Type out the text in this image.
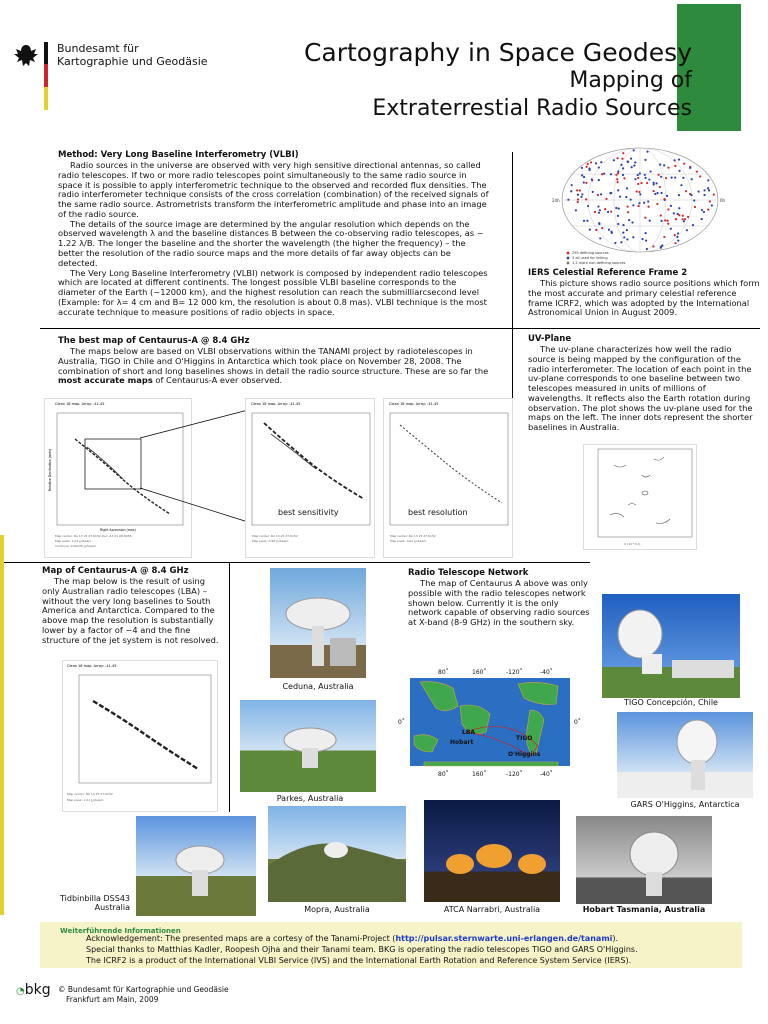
Bundesamt für
Kartographie und Geodäsie	Cartography in Space Geodesy
Mapping of
Extraterrestial Radio Sources
Method: Very Long Baseline Interferometry (VLBI)

Radio sources in the universe are observed with very high sensitive directional antennas, so called radio telescopes. If two or more radio telescopes point simultaneously to the same radio source in space it is possible to apply interferometric technique to the observed and recorded flux densities. The radio interferometer technique consists of the cross correlation (combination) of the received signals of the same radio source. Astrometrists transform the interferometric amplitude and phase into an image of the radio source.

The details of the source image are determined by the angular resolution which depends on the observed wavelength λ and the baseline distances B between the co-observing radio telescopes, as ~ 1.22 λ/B. The longer the baseline and the shorter the wavelength (the higher the frequency) – the better the resolution of the radio source maps and the more details of far away objects can be detected.

The Very Long Baseline Interferometry (VLBI) network is composed by independent radio telescopes which are located at different continents. The longest possible VLBI baseline corresponds to the diameter of the Earth (~12000 km), and the highest resolution can reach the submilliarcsecond level (Example: for λ= 4 cm and B= 12 000 km, the resolution is about 0.8 mas). VLBI technique is the most accurate technique to measure positions of radio objects in space.

24h	0h
295 defining sources
3 all used for linking
1,2 more non-defining sources
IERS Celestial Reference Frame 2

This picture shows radio source positions which form the most accurate and primary celestial reference frame ICRF2, which was adopted by the International Astronomical Union in August 2009.

The best map of Centaurus-A @ 8.4 GHz

The maps below are based on VLBI observations within the TANAMI project by radiotelescopes in Australia, TIGO in Chile and O'Higgins in Antarctica which took place on November 28, 2008. The combination of short and long baselines shows in detail the radio source structure. These are so far the most accurate maps of Centaurus-A ever observed.

Clean 18 map. Array: -41-45
Right Ascension (mas)
Relative Declination (mas)
Map center: RA 13 25 27.6152 Dec -43 01 08.8056
Map peak: 1.04 Jy/beam
Contours: 0.00226 Jy/beam
Clean 18 map. Array: -41-45
Map center: RA 13 25 27.6152
Map peak: 0.98 Jy/beam
Clean 18 map. Array: -41-45
Map center: RA 13 25 27.6152
Map peak: 0.61 Jy/beam
best sensitivity	best resolution
UV-Plane

The uv-plane characterizes how well the radio source is being mapped by the configuration of the radio interferometer. The location of each point in the uv-plane corresponds to one baseline between two telescopes measured in units of millions of wavelengths. It reflects also the Earth rotation during observation. The plot shows the uv-plane used for the maps on the left. The inner dots represent the shorter baselines in Australia.

U (10^6 λ)
Map of Centaurus-A @ 8.4 GHz

The map below is the result of using only Australian radio telescopes (LBA) – without the very long baselines to South America and Antarctica. Compared to the above map the resolution is substantially lower by a factor of ~4 and the fine structure of the jet system is not resolved.

Clean 18 map. Array: -41-45
Map center: RA 13 25 27.6152
Map peak: 1.21 Jy/beam
Radio Telescope Network

The map of Centaurus A above was only possible with the radio telescopes network shown below. Currently it is the only network capable of observing radio sources at X-band (8-9 GHz) in the southern sky.

LBA
Hobart
TIGO
O'Higgins
80˚	160˚	-120˚	-40˚
80˚	160˚	-120˚	-40˚
0˚	0˚
Ceduna, Australia
Parkes, Australia
TIGO Concepción, Chile
GARS O'Higgins, Antarctica
Tidbinbilla DSS43
Australia	Mopra, Australia	ATCA Narrabri, Australia	Hobart Tasmania, Australia
Weiterführende Informationen
Acknowledgement: The presented maps are a cortesy of the Tanami-Project (http://pulsar.sternwarte.uni-erlangen.de/tanami).
Special thanks to Matthias Kadler, Roopesh Ojha and their Tanami team. BKG is operating the radio telescopes TIGO and GARS O'Higgins.
The ICRF2 is a product of the International VLBI Service (IVS) and the International Earth Rotation and Reference System Service (IERS).
◔bkg © Bundesamt für Kartographie und Geodäsie
Frankfurt am Main, 2009
